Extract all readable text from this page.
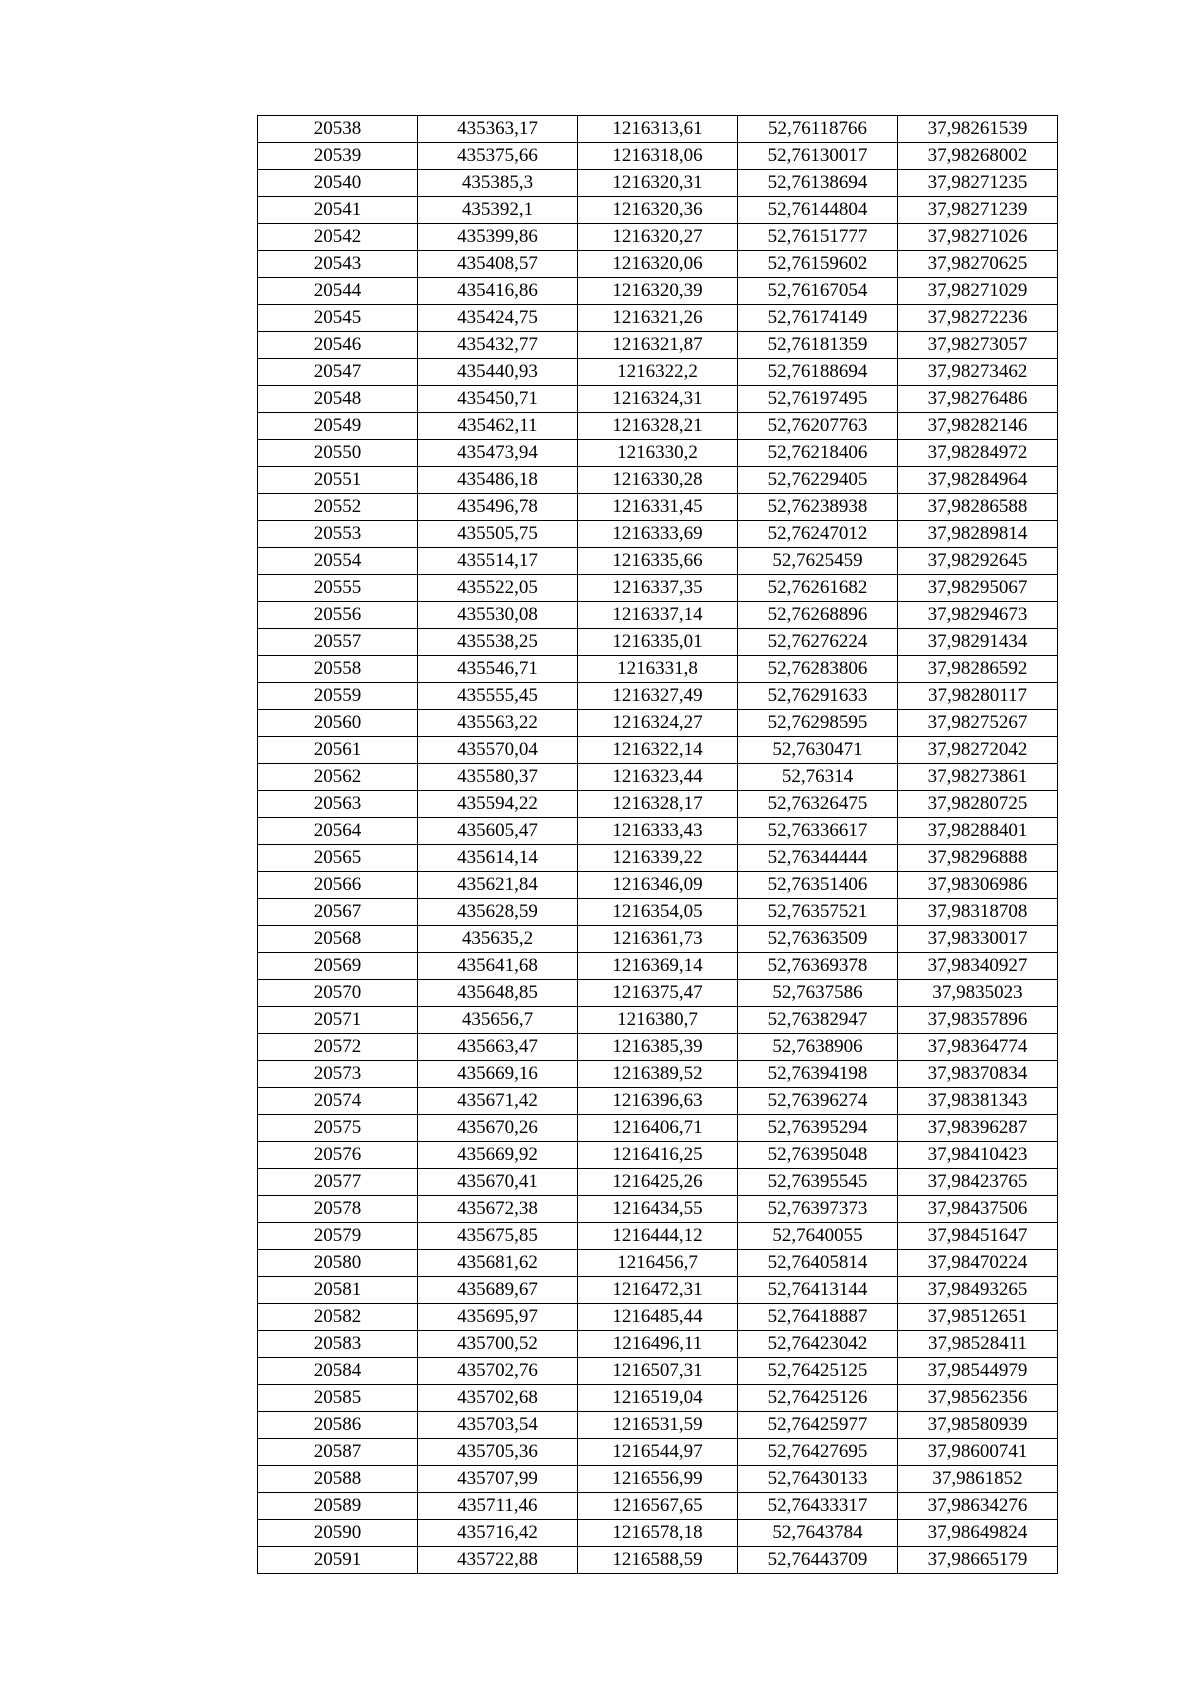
20538	435363,17	1216313,61	52,76118766	37,98261539
20539	435375,66	1216318,06	52,76130017	37,98268002
20540	435385,3	1216320,31	52,76138694	37,98271235
20541	435392,1	1216320,36	52,76144804	37,98271239
20542	435399,86	1216320,27	52,76151777	37,98271026
20543	435408,57	1216320,06	52,76159602	37,98270625
20544	435416,86	1216320,39	52,76167054	37,98271029
20545	435424,75	1216321,26	52,76174149	37,98272236
20546	435432,77	1216321,87	52,76181359	37,98273057
20547	435440,93	1216322,2	52,76188694	37,98273462
20548	435450,71	1216324,31	52,76197495	37,98276486
20549	435462,11	1216328,21	52,76207763	37,98282146
20550	435473,94	1216330,2	52,76218406	37,98284972
20551	435486,18	1216330,28	52,76229405	37,98284964
20552	435496,78	1216331,45	52,76238938	37,98286588
20553	435505,75	1216333,69	52,76247012	37,98289814
20554	435514,17	1216335,66	52,7625459	37,98292645
20555	435522,05	1216337,35	52,76261682	37,98295067
20556	435530,08	1216337,14	52,76268896	37,98294673
20557	435538,25	1216335,01	52,76276224	37,98291434
20558	435546,71	1216331,8	52,76283806	37,98286592
20559	435555,45	1216327,49	52,76291633	37,98280117
20560	435563,22	1216324,27	52,76298595	37,98275267
20561	435570,04	1216322,14	52,7630471	37,98272042
20562	435580,37	1216323,44	52,76314	37,98273861
20563	435594,22	1216328,17	52,76326475	37,98280725
20564	435605,47	1216333,43	52,76336617	37,98288401
20565	435614,14	1216339,22	52,76344444	37,98296888
20566	435621,84	1216346,09	52,76351406	37,98306986
20567	435628,59	1216354,05	52,76357521	37,98318708
20568	435635,2	1216361,73	52,76363509	37,98330017
20569	435641,68	1216369,14	52,76369378	37,98340927
20570	435648,85	1216375,47	52,7637586	37,9835023
20571	435656,7	1216380,7	52,76382947	37,98357896
20572	435663,47	1216385,39	52,7638906	37,98364774
20573	435669,16	1216389,52	52,76394198	37,98370834
20574	435671,42	1216396,63	52,76396274	37,98381343
20575	435670,26	1216406,71	52,76395294	37,98396287
20576	435669,92	1216416,25	52,76395048	37,98410423
20577	435670,41	1216425,26	52,76395545	37,98423765
20578	435672,38	1216434,55	52,76397373	37,98437506
20579	435675,85	1216444,12	52,7640055	37,98451647
20580	435681,62	1216456,7	52,76405814	37,98470224
20581	435689,67	1216472,31	52,76413144	37,98493265
20582	435695,97	1216485,44	52,76418887	37,98512651
20583	435700,52	1216496,11	52,76423042	37,98528411
20584	435702,76	1216507,31	52,76425125	37,98544979
20585	435702,68	1216519,04	52,76425126	37,98562356
20586	435703,54	1216531,59	52,76425977	37,98580939
20587	435705,36	1216544,97	52,76427695	37,98600741
20588	435707,99	1216556,99	52,76430133	37,9861852
20589	435711,46	1216567,65	52,76433317	37,98634276
20590	435716,42	1216578,18	52,7643784	37,98649824
20591	435722,88	1216588,59	52,76443709	37,98665179
